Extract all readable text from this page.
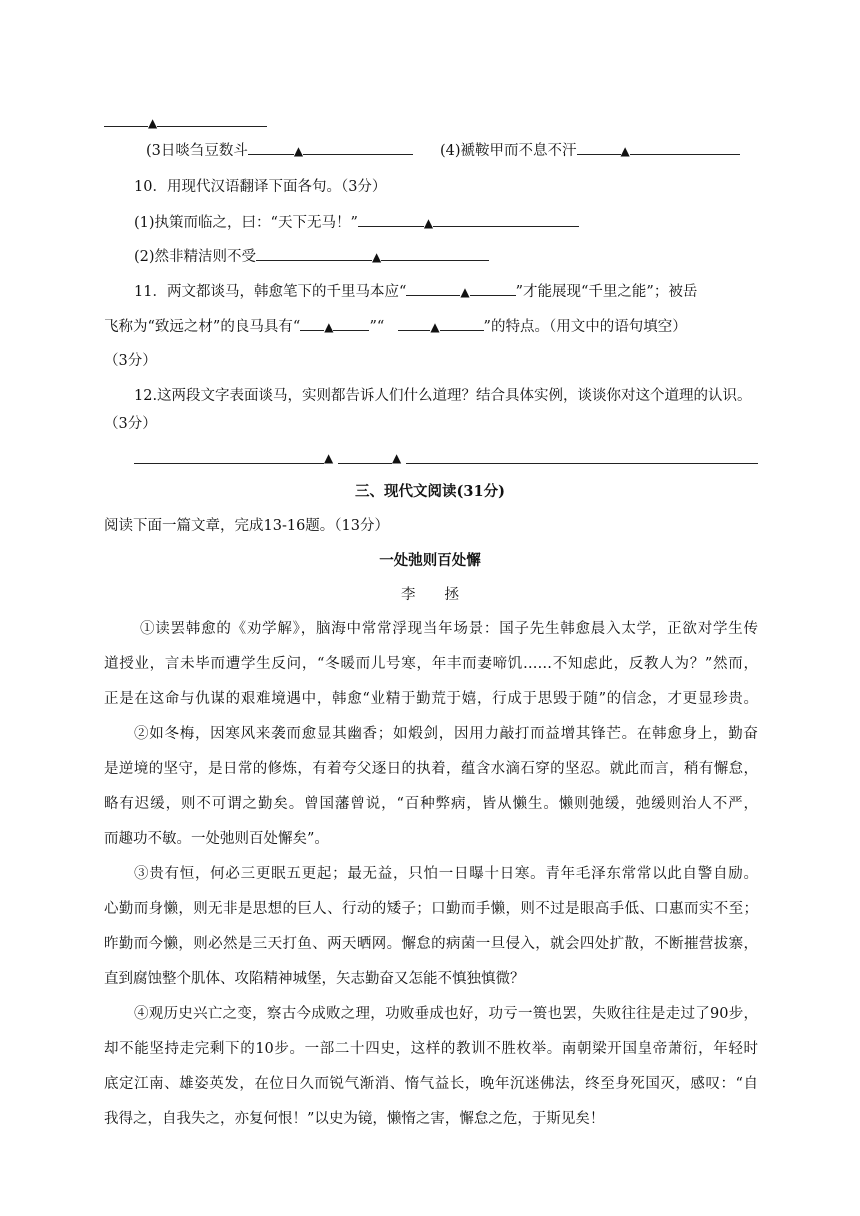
▲
(3日啖刍豆数斗	▲	(4)褫鞍甲而不息不汗	▲
10．用现代汉语翻译下面各句。（3分）
(1)执策而临之，曰：“天下无马！”	▲
(2)然非精洁则不受	▲
11．两文都谈马，韩愈笔下的千里马本应“	▲	”才能展现“千里之能”；被岳
飞称为“致远之材”的良马具有“ ▲ ”“	▲	”的特点。（用文中的语句填空）
（3分）
12.这两段文字表面谈马，实则都告诉人们什么道理？结合具体实例，谈谈你对这个道理的认识。
（3分）
▲	▲
三、现代文阅读(31分)
阅读下面一篇文章，完成13-16题。（13分）
一处弛则百处懈
李　　拯
①读罢韩愈的《劝学解》，脑海中常常浮现当年场景：国子先生韩愈晨入太学，正欲对学生传
道授业，言未毕而遭学生反问，“冬暖而儿号寒，年丰而妻啼饥……不知虑此，反教人为？”然而，
正是在这命与仇谋的艰难境遇中，韩愈“业精于勤荒于嬉，行成于思毁于随”的信念，才更显珍贵。
②如冬梅，因寒风来袭而愈显其幽香；如煅剑，因用力敲打而益增其锋芒。在韩愈身上，勤奋
是逆境的坚守，是日常的修炼，有着夸父逐日的执着，蕴含水滴石穿的坚忍。就此而言，稍有懈怠，
略有迟缓，则不可谓之勤矣。曾国藩曾说，“百种弊病，皆从懒生。懒则弛缓，弛缓则治人不严，
而趣功不敏。一处弛则百处懈矣”。
③贵有恒，何必三更眠五更起；最无益，只怕一日曝十日寒。青年毛泽东常常以此自警自励。
心勤而身懒，则无非是思想的巨人、行动的矮子；口勤而手懒，则不过是眼高手低、口惠而实不至；
昨勤而今懒，则必然是三天打鱼、两天晒网。懈怠的病菌一旦侵入，就会四处扩散，不断摧营拔寨，
直到腐蚀整个肌体、攻陷精神城堡，矢志勤奋又怎能不慎独慎微？
④观历史兴亡之变，察古今成败之理，功败垂成也好，功亏一篑也罢，失败往往是走过了90步，
却不能坚持走完剩下的10步。一部二十四史，这样的教训不胜枚举。南朝梁开国皇帝萧衍，年轻时
底定江南、雄姿英发，在位日久而锐气渐消、惰气益长，晚年沉迷佛法，终至身死国灭，感叹：“自
我得之，自我失之，亦复何恨！”以史为镜，懒惰之害，懈怠之危，于斯见矣！
